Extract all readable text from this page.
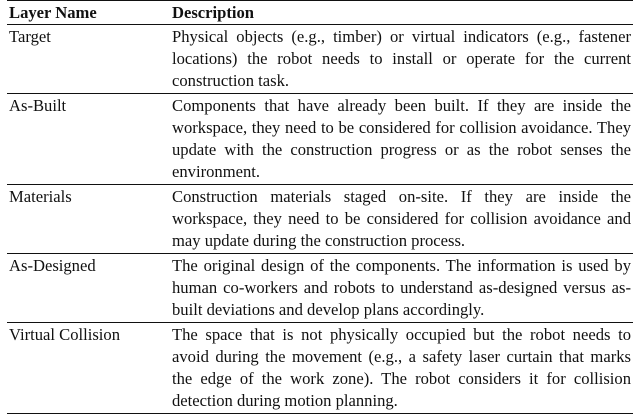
Layer Name	Description
Target	Physical objects (e.g., timber) or virtual indicators (e.g., fastener locations) the robot needs to install or operate for the current construction task.
As-Built	Components that have already been built. If they are inside the workspace, they need to be considered for collision avoidance. They update with the construction progress or as the robot senses the environment.
Materials	Construction materials staged on-site. If they are inside the workspace, they need to be considered for collision avoidance and may update during the construction process.
As-Designed	The original design of the components. The information is used by human co-workers and robots to understand as-designed versus as-built deviations and develop plans accordingly.
Virtual Collision	The space that is not physically occupied but the robot needs to avoid during the movement (e.g., a safety laser curtain that marks the edge of the work zone). The robot considers it for collision detection during motion planning.
